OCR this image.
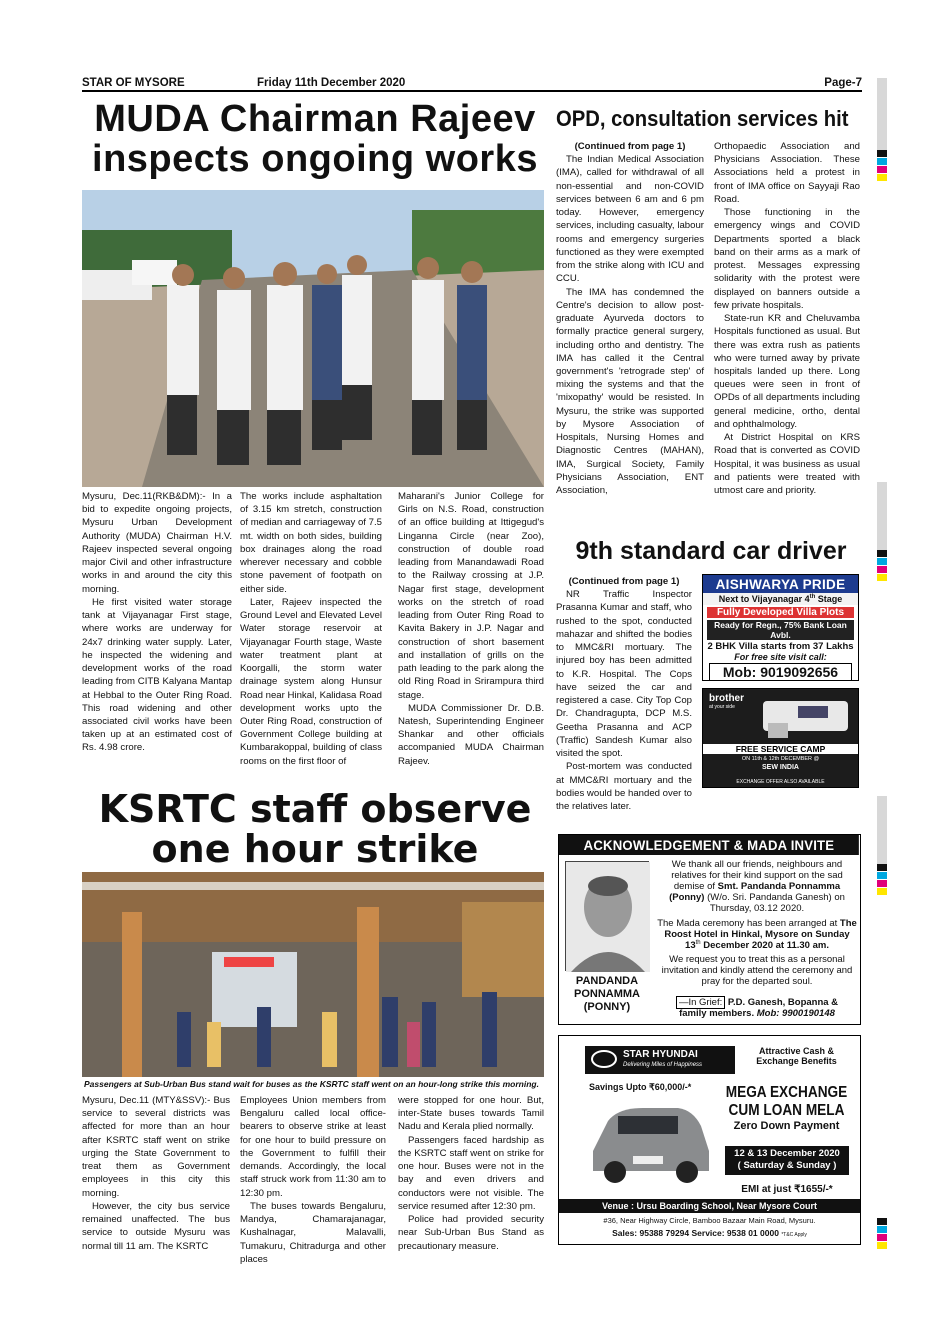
STAR OF MYSORE	Friday 11th December 2020	Page-7
MUDA Chairman Rajeev
inspects ongoing works

Mysuru, Dec.11(RKB&DM):- In a bid to expedite ongoing projects, Mysuru Urban Development Authority (MUDA) Chairman H.V. Rajeev inspected several ongoing major Civil and other infrastructure works in and around the city this morning.

He first visited water storage tank at Vijayanagar First stage, where works are underway for 24x7 drinking water supply. Later, he inspected the widening and development works of the road leading from CITB Kalyana Mantap at Hebbal to the Outer Ring Road. This road widening and other associated civil works have been taken up at an estimated cost of Rs. 4.98 crore.

The works include asphaltation of 3.15 km stretch, construction of median and carriageway of 7.5 mt. width on both sides, building box drainages along the road wherever necessary and cobble stone pavement of footpath on either side.

Later, Rajeev inspected the Ground Level and Elevated Level Water storage reservoir at Vijayanagar Fourth stage, Waste water treatment plant at Koorgalli, the storm water drainage system along Hunsur Road near Hinkal, Kalidasa Road development works upto the Outer Ring Road, construction of Government College building at Kumbarakoppal, building of class rooms on the first floor of

Maharani's Junior College for Girls on N.S. Road, construction of an office building at Ittigegud's Linganna Circle (near Zoo), construction of double road leading from Manandawadi Road to the Railway crossing at J.P. Nagar first stage, development works on the stretch of road leading from Outer Ring Road to Kavita Bakery in J.P. Nagar and construction of short basement and installation of grills on the path leading to the park along the old Ring Road in Srirampura third stage.

MUDA Commissioner Dr. D.B. Natesh, Superintending Engineer Shankar and other officials accompanied MUDA Chairman Rajeev.

OPD, consultation services hit

(Continued from page 1)

The Indian Medical Association (IMA), called for withdrawal of all non-essential and non-COVID services between 6 am and 6 pm today. However, emergency services, including casualty, labour rooms and emergency surgeries functioned as they were exempted from the strike along with ICU and CCU.

The IMA has condemned the Centre's decision to allow post-graduate Ayurveda doctors to formally practice general surgery, including ortho and dentistry. The IMA has called it the Central government's 'retrograde step' of mixing the systems and that the 'mixopathy' would be resisted. In Mysuru, the strike was supported by Mysore Association of Hospitals, Nursing Homes and Diagnostic Centres (MAHAN), IMA, Surgical Society, Family Physicians Association, ENT Association,

Orthopaedic Association and Physicians Association. These Associations held a protest in front of IMA office on Sayyaji Rao Road.

Those functioning in the emergency wings and COVID Departments sported a black band on their arms as a mark of protest. Messages expressing solidarity with the protest were displayed on banners outside a few private hospitals.

State-run KR and Cheluvamba Hospitals functioned as usual. But there was extra rush as patients who were turned away by private hospitals landed up there. Long queues were seen in front of OPDs of all departments including general medicine, ortho, dental and ophthalmology.

At District Hospital on KRS Road that is converted as COVID Hospital, it was business as usual and patients were treated with utmost care and priority.

9th standard car driver

(Continued from page 1)

NR Traffic Inspector Prasanna Kumar and staff, who rushed to the spot, conducted mahazar and shifted the bodies to MMC&RI mortuary. The injured boy has been admitted to K.R. Hospital. The Cops have seized the car and registered a case. City Top Cop Dr. Chandragupta, DCP M.S. Geetha Prasanna and ACP (Traffic) Sandesh Kumar also visited the spot.

Post-mortem was conducted at MMC&RI mortuary and the bodies would be handed over to the relatives later.

AISHWARYA PRIDE
Next to Vijayanagar 4th Stage
Fully Developed Villa Plots
Ready for Regn., 75% Bank Loan Avbl.
2 BHK Villa starts from 37 Lakhs
For free site visit call:
Mob: 9019092656
brother
at your side
FREE SERVICE CAMP
ON 11th & 12th DECEMBER @
SEW INDIA
EXCHANGE OFFER ALSO AVAILABLE
KSRTC staff observe
one hour strike
Passengers at Sub-Urban Bus stand wait for buses as the KSRTC staff went on an hour-long strike this morning.

Mysuru, Dec.11 (MTY&SSV):- Bus service to several districts was affected for more than an hour after KSRTC staff went on strike urging the State Government to treat them as Government employees in this city this morning.

However, the city bus service remained unaffected. The bus service to outside Mysuru was normal till 11 am. The KSRTC

Employees Union members from Bengaluru called local office-bearers to observe strike at least for one hour to build pressure on the Government to fulfill their demands. Accordingly, the local staff struck work from 11:30 am to 12:30 pm.

The buses towards Bengaluru, Mandya, Chamarajanagar, Kushalnagar, Malavalli, Tumakuru, Chitradurga and other places

were stopped for one hour. But, inter-State buses towards Tamil Nadu and Kerala plied normally.

Passengers faced hardship as the KSRTC staff went on strike for one hour. Buses were not in the bay and even drivers and conductors were not visible. The service resumed after 12:30 pm.

Police had provided security near Sub-Urban Bus Stand as precautionary measure.

ACKNOWLEDGEMENT & MADA INVITE
PANDANDA
PONNAMMA
(PONNY)
We thank all our friends, neighbours and relatives for their kind support on the sad demise of Smt. Pandanda Ponnamma (Ponny) (W/o. Sri. Pandanda Ganesh) on Thursday, 03.12 2020.
The Mada ceremony has been arranged at The Roost Hotel in Hinkal, Mysore on Sunday 13th December 2020 at 11.30 am.
We request you to treat this as a personal invitation and kindly attend the ceremony and pray for the departed soul.
—In Grief: P.D. Ganesh, Bopanna &
family members. Mob: 9900190148
STAR HYUNDAI
Delivering Miles of Happiness
Attractive Cash & Exchange Benefits
Savings Upto ₹60,000/-* MEGA EXCHANGE
CUM LOAN MELA
Zero Down Payment
12 & 13 December 2020
( Saturday & Sunday )
EMI at just ₹1655/-*
Venue : Ursu Boarding School, Near Mysore Court
#36, Near Highway Circle, Bamboo Bazaar Main Road, Mysuru.
Sales: 95388 79294 Service: 9538 01 0000 *T&C Apply
